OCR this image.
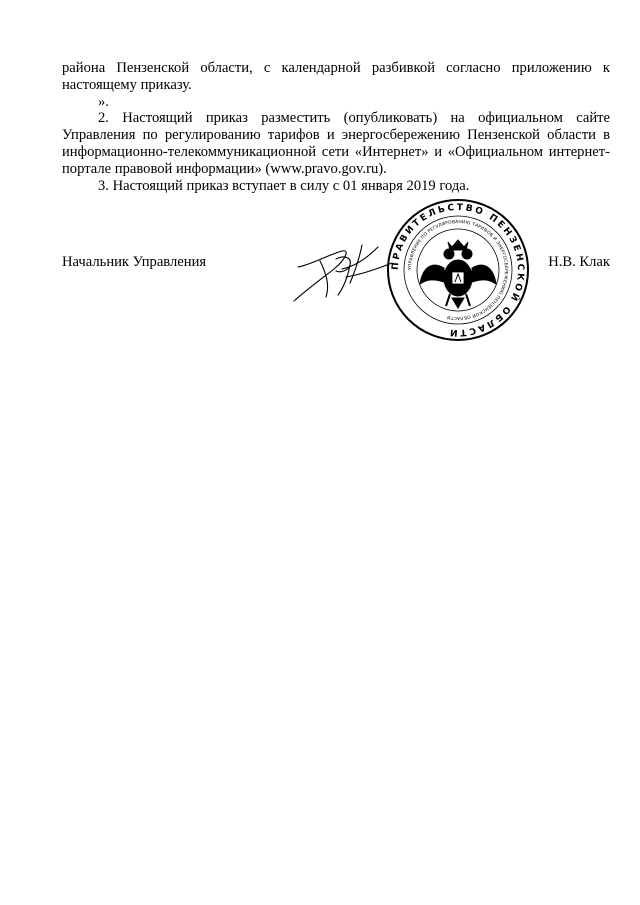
района Пензенской области, с календарной разбивкой согласно приложению к настоящему приказу.

».

2. Настоящий приказ разместить (опубликовать) на официальном сайте Управления по регулированию тарифов и энергосбережению Пензенской области в информационно-телекоммуникационной сети «Интернет» и «Официальном интернет-портале правовой информации» (www.pravo.gov.ru).

3. Настоящий приказ вступает в силу с 01 января 2019 года.

Начальник Управления	ПРАВИТЕЛЬСТВО ПЕНЗЕНСКОЙ ОБЛАСТИ
УПРАВЛЕНИЕ ПО РЕГУЛИРОВАНИЮ ТАРИФОВ И ЭНЕРГОСБЕРЕЖЕНИЮ ПЕНЗЕНСКОЙ ОБЛАСТИ
Н.В. Клак
